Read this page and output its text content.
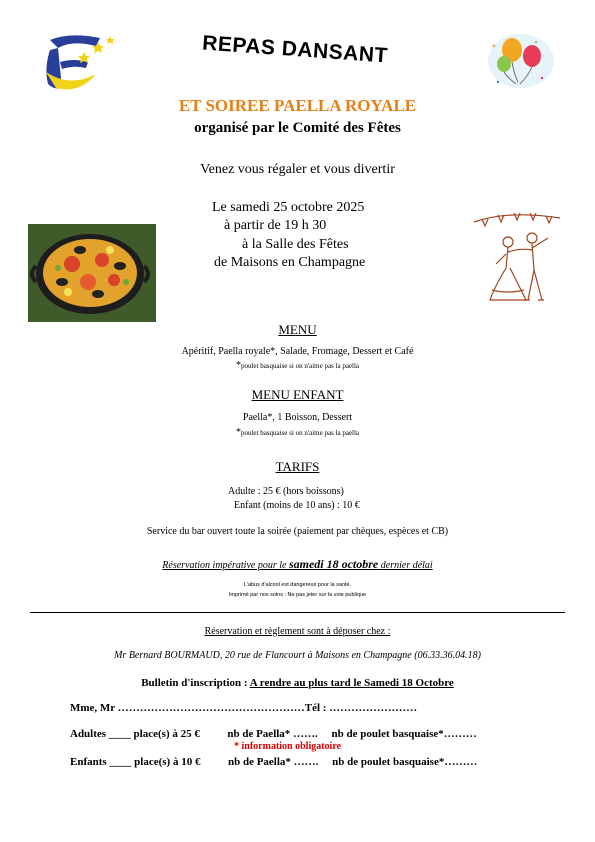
REPAS DANSANT
ET SOIREE PAELLA ROYALE
organisé par le Comité des Fêtes
Venez vous régaler et vous divertir
Le samedi 25 octobre 2025
à partir de 19 h 30
à la Salle des Fêtes
de Maisons en Champagne
MENU
Apéritif, Paella royale*, Salade, Fromage, Dessert et Café
*poulet basquaise si on n'aime pas la paella
MENU ENFANT
Paella*, 1 Boisson, Dessert
*poulet basquaise si on n'aime pas la paella
TARIFS
Adulte : 25 € (hors boissons)
Enfant (moins de 10 ans) : 10 €
Service du bar ouvert toute la soirée (paiement par chèques, espèces et CB)
Réservation impérative pour le samedi 18 octobre dernier délai
L'abus d'alcool est dangereux pour la santé.
Imprimé par nos soins : Ne pas jeter sur la voie publique
Réservation et règlement sont à déposer chez :
Mr Bernard BOURMAUD, 20 rue de Flancourt à Maisons en Champagne (06.33.36.04.18)
Bulletin d'inscription : A rendre au plus tard le Samedi 18 Octobre
Mme, Mr ……………………………………………Tél : ……………………
Adultes ____ place(s) à 25 €          nb de Paella* …….     nb de poulet basquaise*………
* information obligatoire
Enfants ____ place(s) à 10 €          nb de Paella* …….     nb de poulet basquaise*………
